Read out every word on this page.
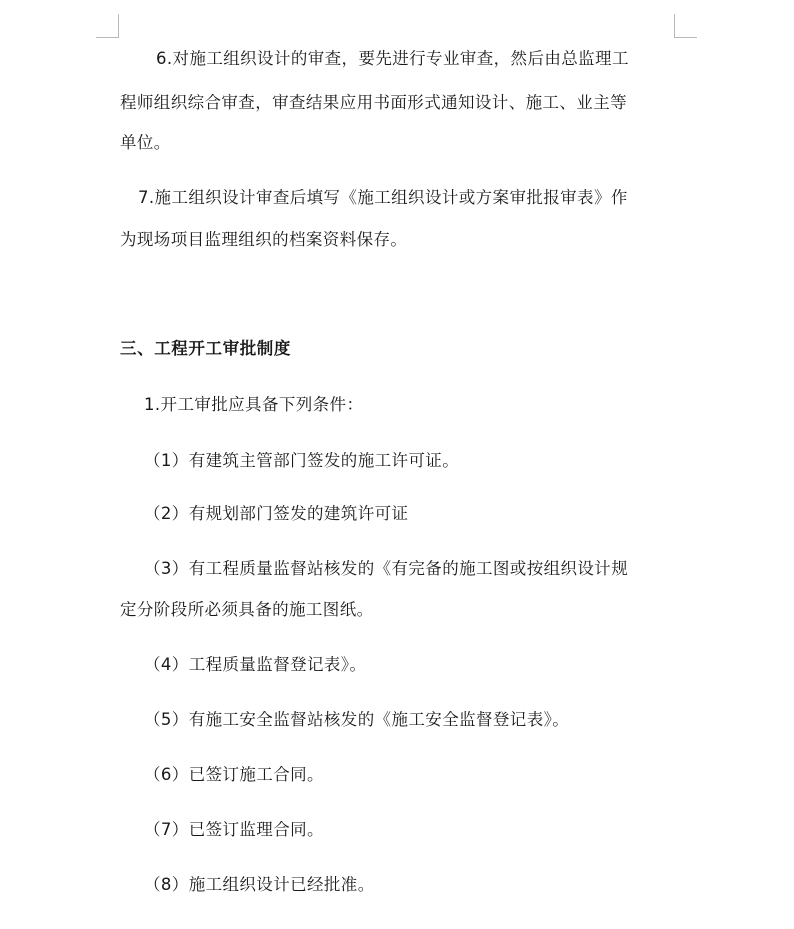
6.对施工组织设计的审查，要先进行专业审查，然后由总监理工
程师组织综合审查，审查结果应用书面形式通知设计、施工、业主等
单位。
7.施工组织设计审查后填写《施工组织设计或方案审批报审表》作
为现场项目监理组织的档案资料保存。
三、工程开工审批制度
1.开工审批应具备下列条件：
（1）有建筑主管部门签发的施工许可证。
（2）有规划部门签发的建筑许可证
（3）有工程质量监督站核发的《有完备的施工图或按组织设计规
定分阶段所必须具备的施工图纸。
（4）工程质量监督登记表》。
（5）有施工安全监督站核发的《施工安全监督登记表》。
（6）已签订施工合同。
（7）已签订监理合同。
（8）施工组织设计已经批准。
